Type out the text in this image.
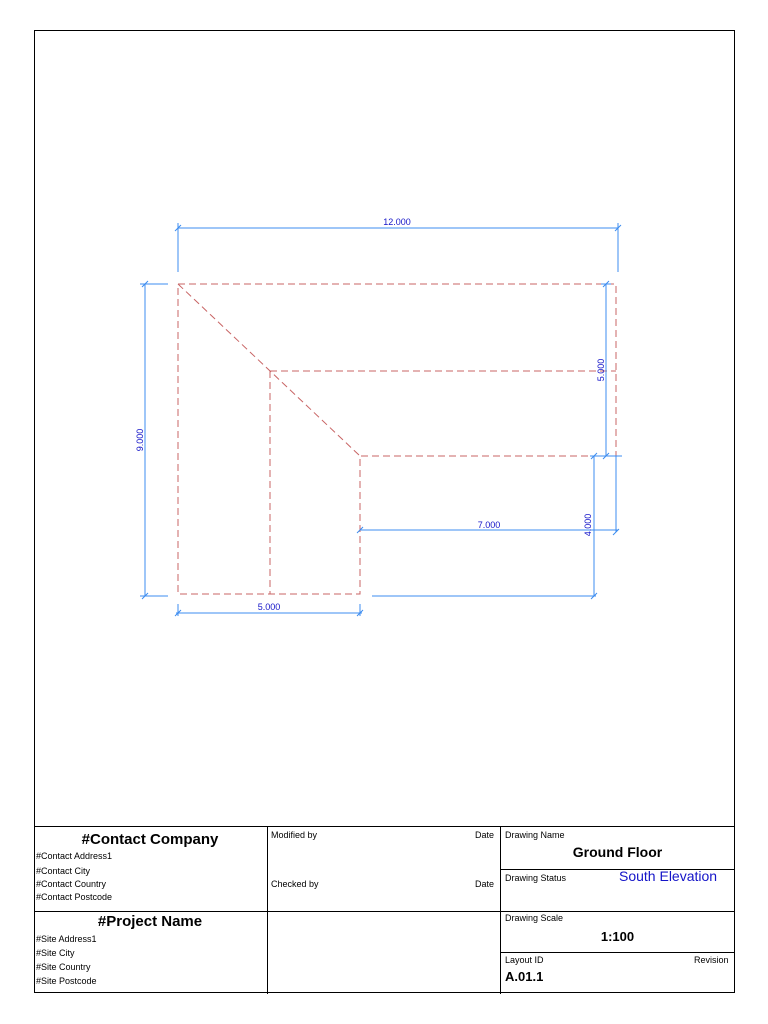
12.000
9.000
5.000
4.000
7.000
5.000
#Contact Company
#Contact Address1
#Contact City
#Contact Country
#Contact Postcode
#Project Name
#Site Address1
#Site City
#Site Country
#Site Postcode
Modified by	Date
Checked by	Date
Drawing Name
Ground Floor
Drawing Status	South Elevation
Drawing Scale
1:100
Layout ID	Revision
A.01.1
